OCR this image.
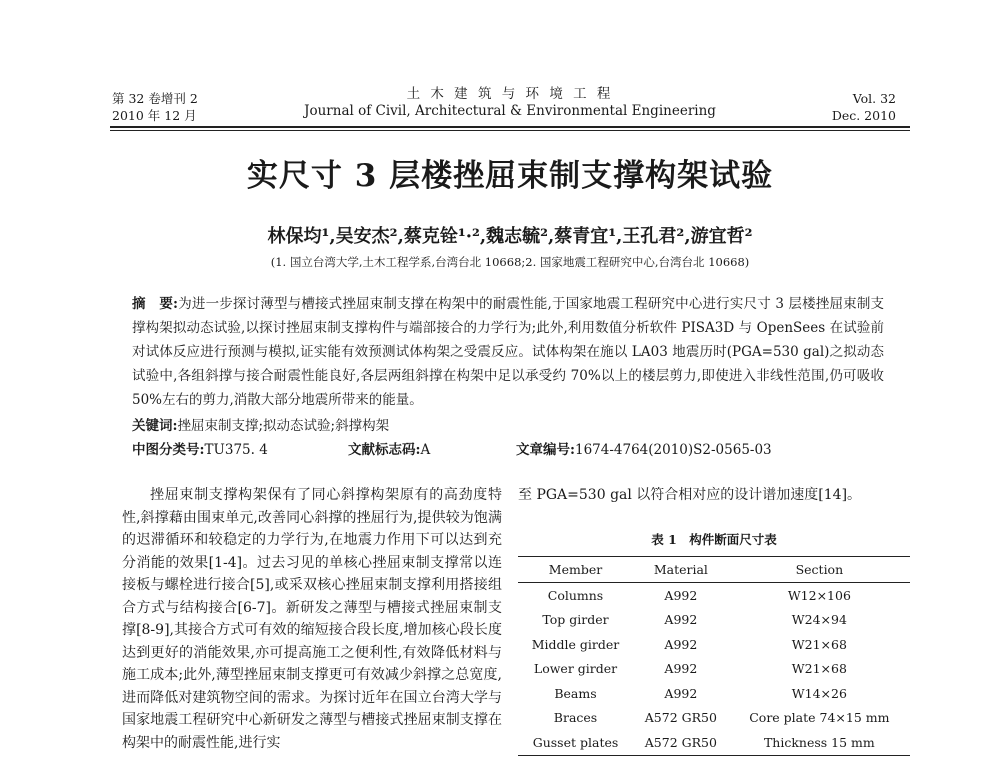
第 32 卷增刊 2
2010 年 12 月
土 木 建 筑 与 环 境 工 程
Journal of Civil, Architectural & Environmental Engineering
Vol. 32
Dec. 2010
实尺寸 3 层楼挫屈束制支撑构架试验
林保均¹,吴安杰²,蔡克铨¹·²,魏志毓²,蔡青宜¹,王孔君²,游宜哲²
(1. 国立台湾大学,土木工程学系,台湾台北 10668;2. 国家地震工程研究中心,台湾台北 10668)
摘　要:为进一步探讨薄型与槽接式挫屈束制支撑在构架中的耐震性能,于国家地震工程研究中心进行实尺寸 3 层楼挫屈束制支撑构架拟动态试验,以探讨挫屈束制支撑构件与端部接合的力学行为;此外,利用数值分析软件 PISA3D 与 OpenSees 在试验前对试体反应进行预测与模拟,证实能有效预测试体构架之受震反应。试体构架在施以 LA03 地震历时(PGA=530 gal)之拟动态试验中,各组斜撑与接合耐震性能良好,各层两组斜撑在构架中足以承受约 70%以上的楼层剪力,即使进入非线性范围,仍可吸收 50%左右的剪力,消散大部分地震所带来的能量。
关键词:挫屈束制支撑;拟动态试验;斜撑构架
中图分类号:TU375. 4	文献标志码:A	文章编号:1674-4764(2010)S2-0565-03
挫屈束制支撑构架保有了同心斜撑构架原有的高劲度特性,斜撑藉由围束单元,改善同心斜撑的挫屈行为,提供较为饱满的迟滞循环和较稳定的力学行为,在地震力作用下可以达到充分消能的效果[1-4]。过去习见的单核心挫屈束制支撑常以连接板与螺栓进行接合[5],或采双核心挫屈束制支撑利用搭接组合方式与结构接合[6-7]。新研发之薄型与槽接式挫屈束制支撑[8-9],其接合方式可有效的缩短接合段长度,增加核心段长度达到更好的消能效果,亦可提高施工之便利性,有效降低材料与施工成本;此外,薄型挫屈束制支撑更可有效减少斜撑之总宽度,进而降低对建筑物空间的需求。为探讨近年在国立台湾大学与国家地震工程研究中心新研发之薄型与槽接式挫屈束制支撑在构架中的耐震性能,进行实
至 PGA=530 gal 以符合相对应的设计谱加速度[14]。
表 1　构件断面尺寸表
Member	Material	Section
Columns	A992	W12×106
Top girder	A992	W24×94
Middle girder	A992	W21×68
Lower girder	A992	W21×68
Beams	A992	W14×26
Braces	A572 GR50	Core plate 74×15 mm
Gusset plates	A572 GR50	Thickness 15 mm
